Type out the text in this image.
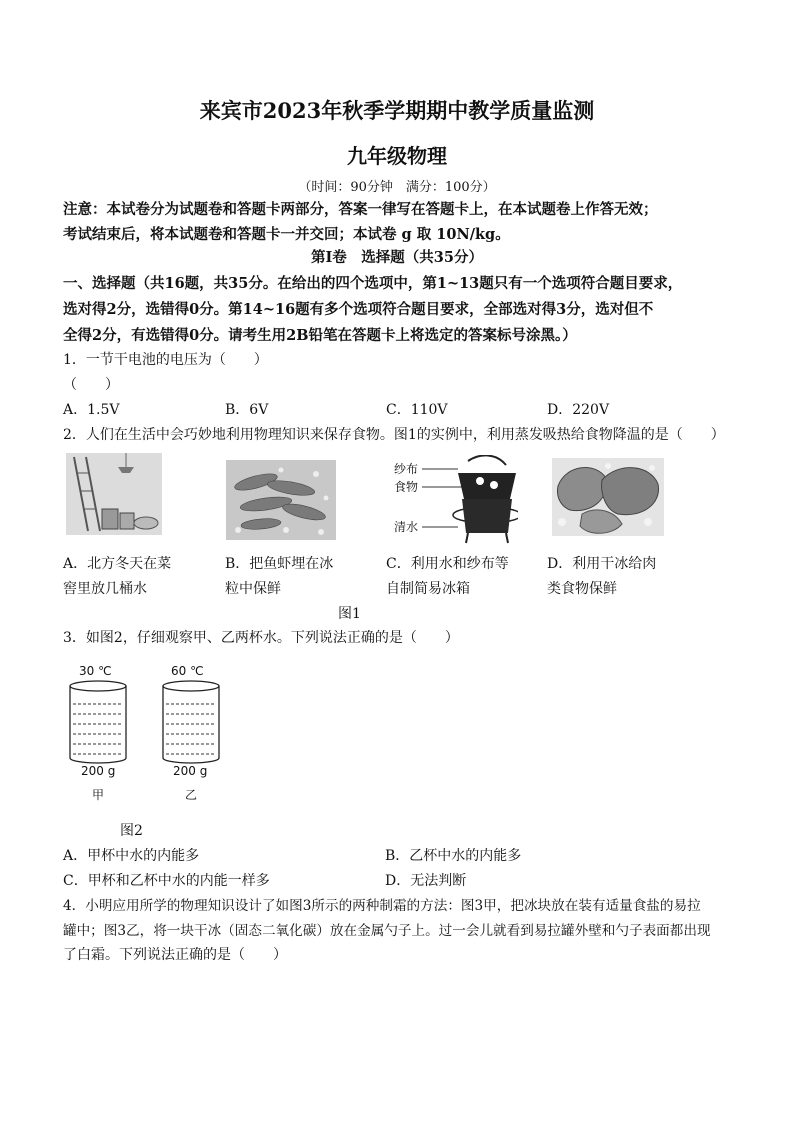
来宾市2023年秋季学期期中教学质量监测
九年级物理
（时间：90分钟　满分：100分）
注意：本试卷分为试题卷和答题卡两部分，答案一律写在答题卡上，在本试题卷上作答无效；
考试结束后，将本试题卷和答题卡一并交回；本试卷 g 取 10N/kg。
第Ⅰ卷　选择题（共35分）
一、选择题（共16题，共35分。在给出的四个选项中，第1~13题只有一个选项符合题目要求，
选对得2分，选错得0分。第14~16题有多个选项符合题目要求，全部选对得3分，选对但不
全得2分，有选错得0分。请考生用2B铅笔在答题卡上将选定的答案标号涂黑。）
1．一节干电池的电压为（　　）
（　　）
A．1.5V	B．6V	C．110V	D．220V
2．人们在生活中会巧妙地利用物理知识来保存食物。图1的实例中，利用蒸发吸热给食物降温的是（　　）
纱布
食物
清水
A．北方冬天在菜
窖里放几桶水
B．把鱼虾埋在冰
粒中保鲜
C．利用水和纱布等
自制简易冰箱
D．利用干冰给肉
类食物保鲜
图1
3．如图2，仔细观察甲、乙两杯水。下列说法正确的是（　　）
30 ℃	60 ℃
200 g	200 g
甲	乙
图2
A．甲杯中水的内能多	B．乙杯中水的内能多
C．甲杯和乙杯中水的内能一样多	D．无法判断
4．小明应用所学的物理知识设计了如图3所示的两种制霜的方法：图3甲，把冰块放在装有适量食盐的易拉
罐中；图3乙，将一块干冰（固态二氧化碳）放在金属勺子上。过一会儿就看到易拉罐外壁和勺子表面都出现
了白霜。下列说法正确的是（　　）
